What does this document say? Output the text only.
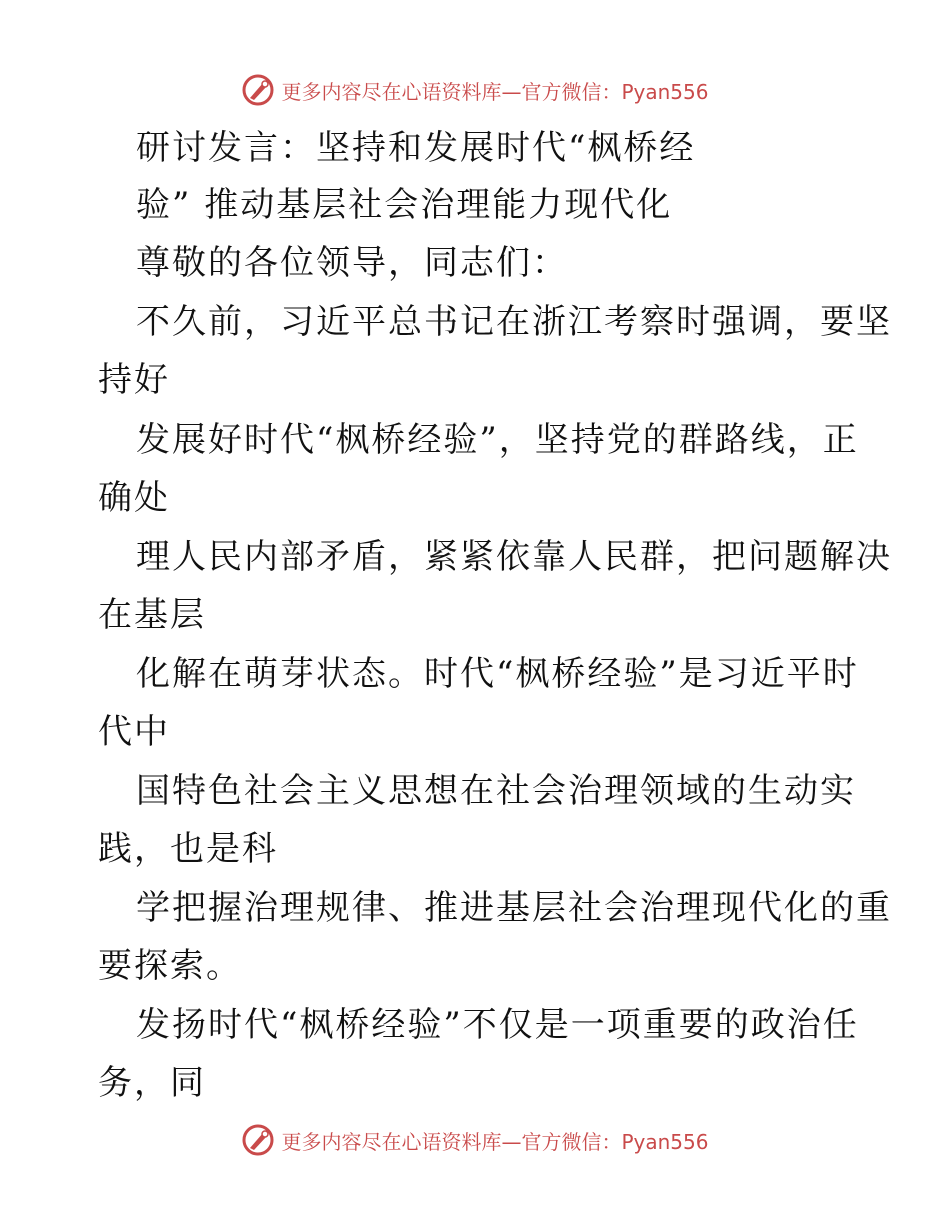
更多内容尽在心语资料库—官方微信：Pyan556
研讨发言：坚持和发展时代“枫桥经
验” 推动基层社会治理能力现代化
尊敬的各位领导，同志们：
不久前，习近平总书记在浙江考察时强调，要坚
持好
发展好时代“枫桥经验”，坚持党的群路线，正
确处
理人民内部矛盾，紧紧依靠人民群，把问题解决
在基层
化解在萌芽状态。时代“枫桥经验”是习近平时
代中
国特色社会主义思想在社会治理领域的生动实
践，也是科
学把握治理规律、推进基层社会治理现代化的重
要探索。
发扬时代“枫桥经验”不仅是一项重要的政治任
务，同
更多内容尽在心语资料库—官方微信：Pyan556
